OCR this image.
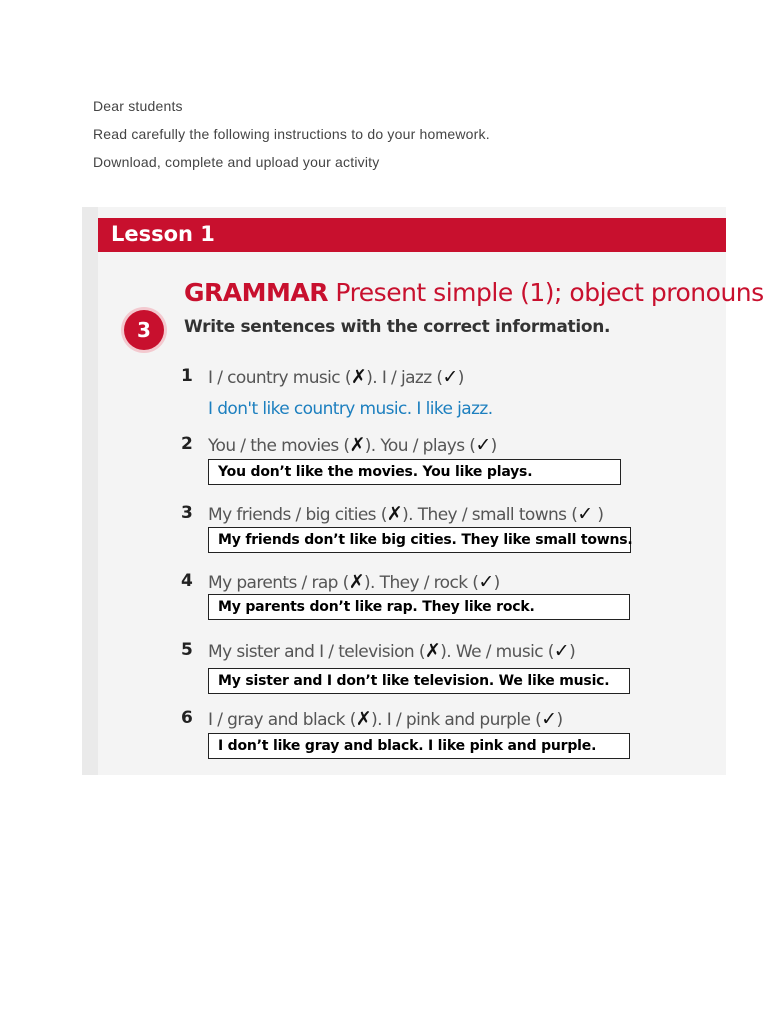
Dear students
Read carefully the following instructions to do your homework.
Download, complete and upload your activity
Lesson 1
GRAMMAR Present simple (1); object pronouns
3	Write sentences with the correct information.
1 I / country music (✗). I / jazz (✓)
I don't like country music. I like jazz.
2 You / the movies (✗). You / plays (✓)
You don’t like the movies. You like plays.
3 My friends / big cities (✗). They / small towns (✓ )
My friends don’t like big cities. They like small towns.
4 My parents / rap (✗). They / rock (✓)
My parents don’t like rap. They like rock.
5 My sister and I / television (✗). We / music (✓)
My sister and I don’t like television. We like music.
6 I / gray and black (✗). I / pink and purple (✓)
I don’t like gray and black. I like pink and purple.
